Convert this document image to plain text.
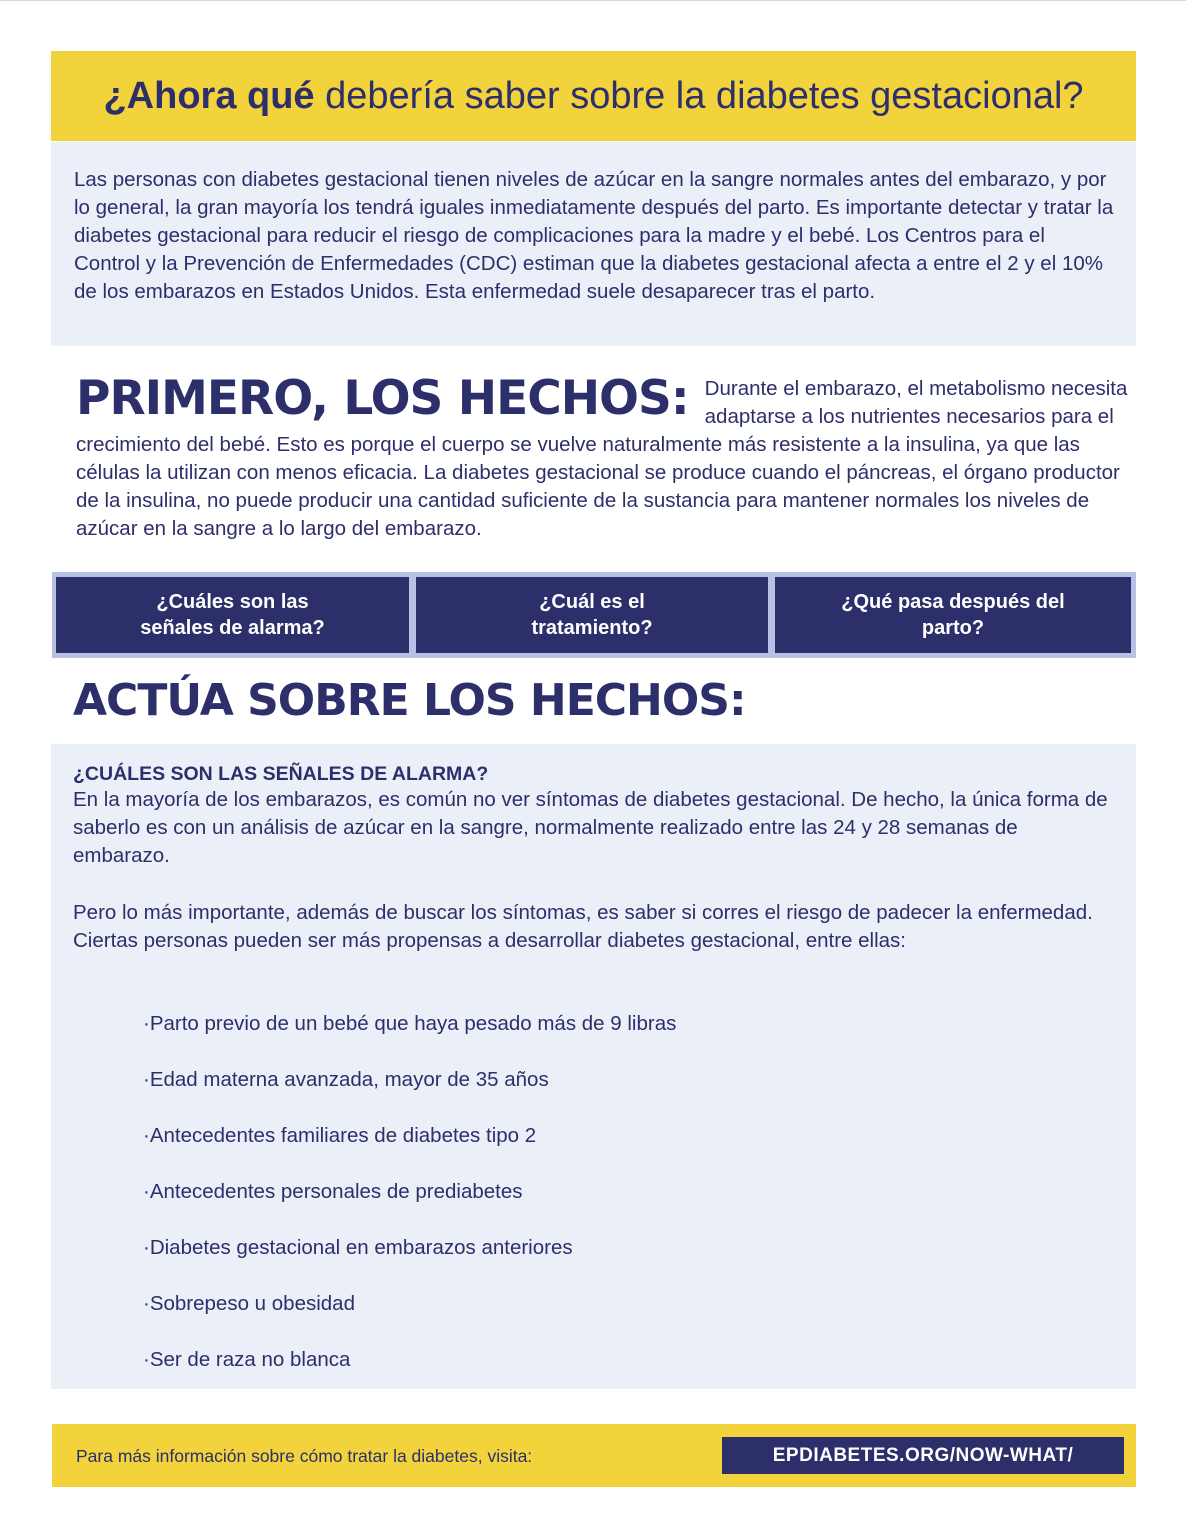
¿Ahora qué debería saber sobre la diabetes gestacional?
Las personas con diabetes gestacional tienen niveles de azúcar en la sangre normales antes del embarazo, y por lo general, la gran mayoría los tendrá iguales inmediatamente después del parto. Es importante detectar y tratar la diabetes gestacional para reducir el riesgo de complicaciones para la madre y el bebé. Los Centros para el Control y la Prevención de Enfermedades (CDC) estiman que la diabetes gestacional afecta a entre el 2 y el 10% de los embarazos en Estados Unidos. Esta enfermedad suele desaparecer tras el parto.
PRIMERO, LOS HECHOS: Durante el embarazo, el metabolismo necesita adaptarse a los nutrientes necesarios para el crecimiento del bebé. Esto es porque el cuerpo se vuelve naturalmente más resistente a la insulina, ya que las células la utilizan con menos eficacia. La diabetes gestacional se produce cuando el páncreas, el órgano productor de la insulina, no puede producir una cantidad suficiente de la sustancia para mantener normales los niveles de azúcar en la sangre a lo largo del embarazo.

¿Cuáles son las señales de alarma?
¿Cuál es el tratamiento?
¿Qué pasa después del parto?
ACTÚA SOBRE LOS HECHOS:
¿CUÁLES SON LAS SEÑALES DE ALARMA?

En la mayoría de los embarazos, es común no ver síntomas de diabetes gestacional. De hecho, la única forma de saberlo es con un análisis de azúcar en la sangre, normalmente realizado entre las 24 y 28 semanas de embarazo.

Pero lo más importante, además de buscar los síntomas, es saber si corres el riesgo de padecer la enfermedad. Ciertas personas pueden ser más propensas a desarrollar diabetes gestacional, entre ellas:

· Parto previo de un bebé que haya pesado más de 9 libras
· Edad materna avanzada, mayor de 35 años
· Antecedentes familiares de diabetes tipo 2
· Antecedentes personales de prediabetes
· Diabetes gestacional en embarazos anteriores
· Sobrepeso u obesidad
· Ser de raza no blanca
Para más información sobre cómo tratar la diabetes, visita:	EPDIABETES.ORG/NOW-WHAT/
